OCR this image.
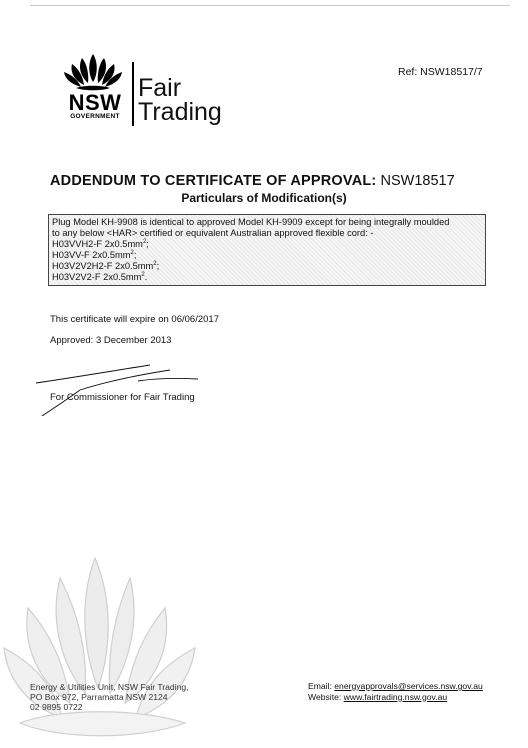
NSW
GOVERNMENT
Fair
Trading
Ref: NSW18517/7
ADDENDUM TO CERTIFICATE OF APPROVAL: NSW18517
Particulars of Modification(s)
Plug Model KH-9908 is identical to approved Model KH-9909 except for being integrally moulded
to any below <HAR> certified or equivalent Australian approved flexible cord: -
H03VVH2-F $2x0.5mm^2$;
H03VV-F $2x0.5mm^2$;
H03V2V2H2-F $2x0.5mm^2$;
H03V2V2-F $2x0.5mm^2$.
This certificate will expire on 06/06/2017
Approved: 3 December 2013
For Commissioner for Fair Trading
Energy & Utilities Unit, NSW Fair Trading,
PO Box 972, Parramatta NSW 2124
02 9895 0722
Email: energyapprovals@services.nsw.gov.au
Website: www.fairtrading.nsw.gov.au
